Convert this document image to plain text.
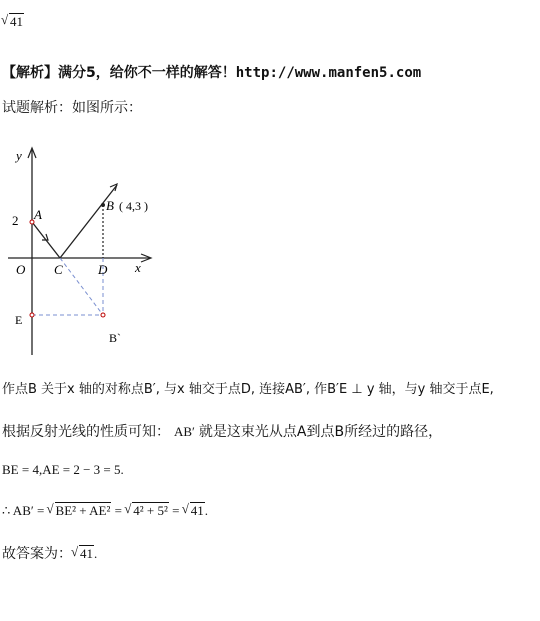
√ 41
【解析】满分5，给你不一样的解答！http://www.manfen5.com
试题解析：如图所示：
y
x
O
2 A
B ( 4,3 )
C	D
E
B`
作点B 关于x 轴的对称点B′, 与x 轴交于点D, 连接AB′, 作B′E ⊥ y 轴，与y 轴交于点E,
根据反射光线的性质可知： AB′ 就是这束光从点A到点B所经过的路径，
BE = 4,AE = 2 − 3 = 5.
∴ AB′ = √ BE² + AE² = √ 4² + 5² = √ 41.
故答案为： √ 41.
